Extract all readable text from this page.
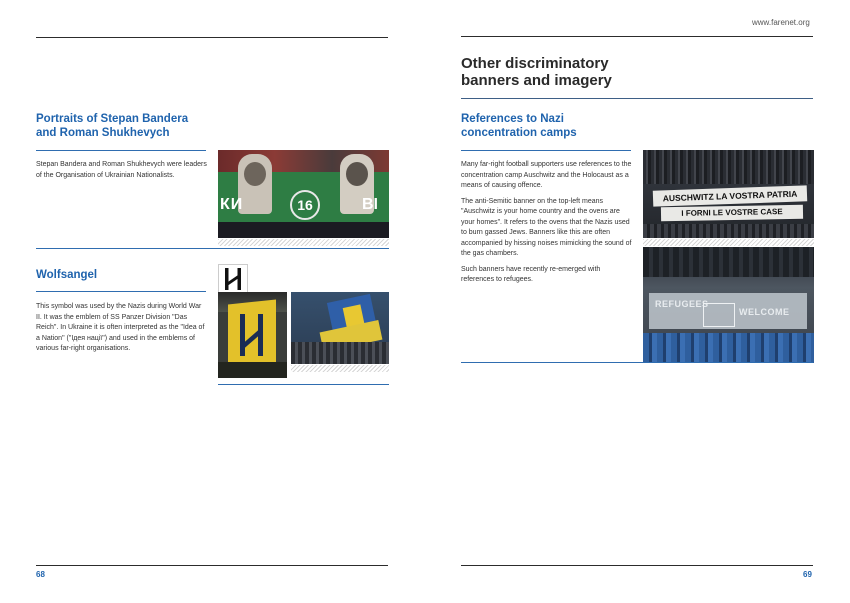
Portraits of Stepan Bandera
and Roman Shukhevych

Stepan Bandera and Roman Shukhevych were leaders of the Organisation of Ukrainian Nationalists.

16
КИ	ВІ
Wolfsangel

This symbol was used by the Nazis during World War II. It was the emblem of SS Panzer Division "Das Reich". In Ukraine it is often interpreted as the "Idea of a Nation" ("Ідея нації") and used in the emblems of various far-right organisations.

68
www.farenet.org
Other discriminatory
banners and imagery
References to Nazi
concentration camps

Many far-right football supporters use references to the concentration camp Auschwitz and the Holocaust as a means of causing offence.

The anti-Semitic banner on the top-left means "Auschwitz is your home country and the ovens are your homes". It refers to the ovens that the Nazis used to burn gassed Jews. Banners like this are often accompanied by hissing noises mimicking the sound of the gas chambers.

Such banners have recently re-emerged with references to refugees.

AUSCHWITZ LA VOSTRA PATRIA
I FORNI LE VOSTRE CASE
REFUGEES
WELCOME
69
